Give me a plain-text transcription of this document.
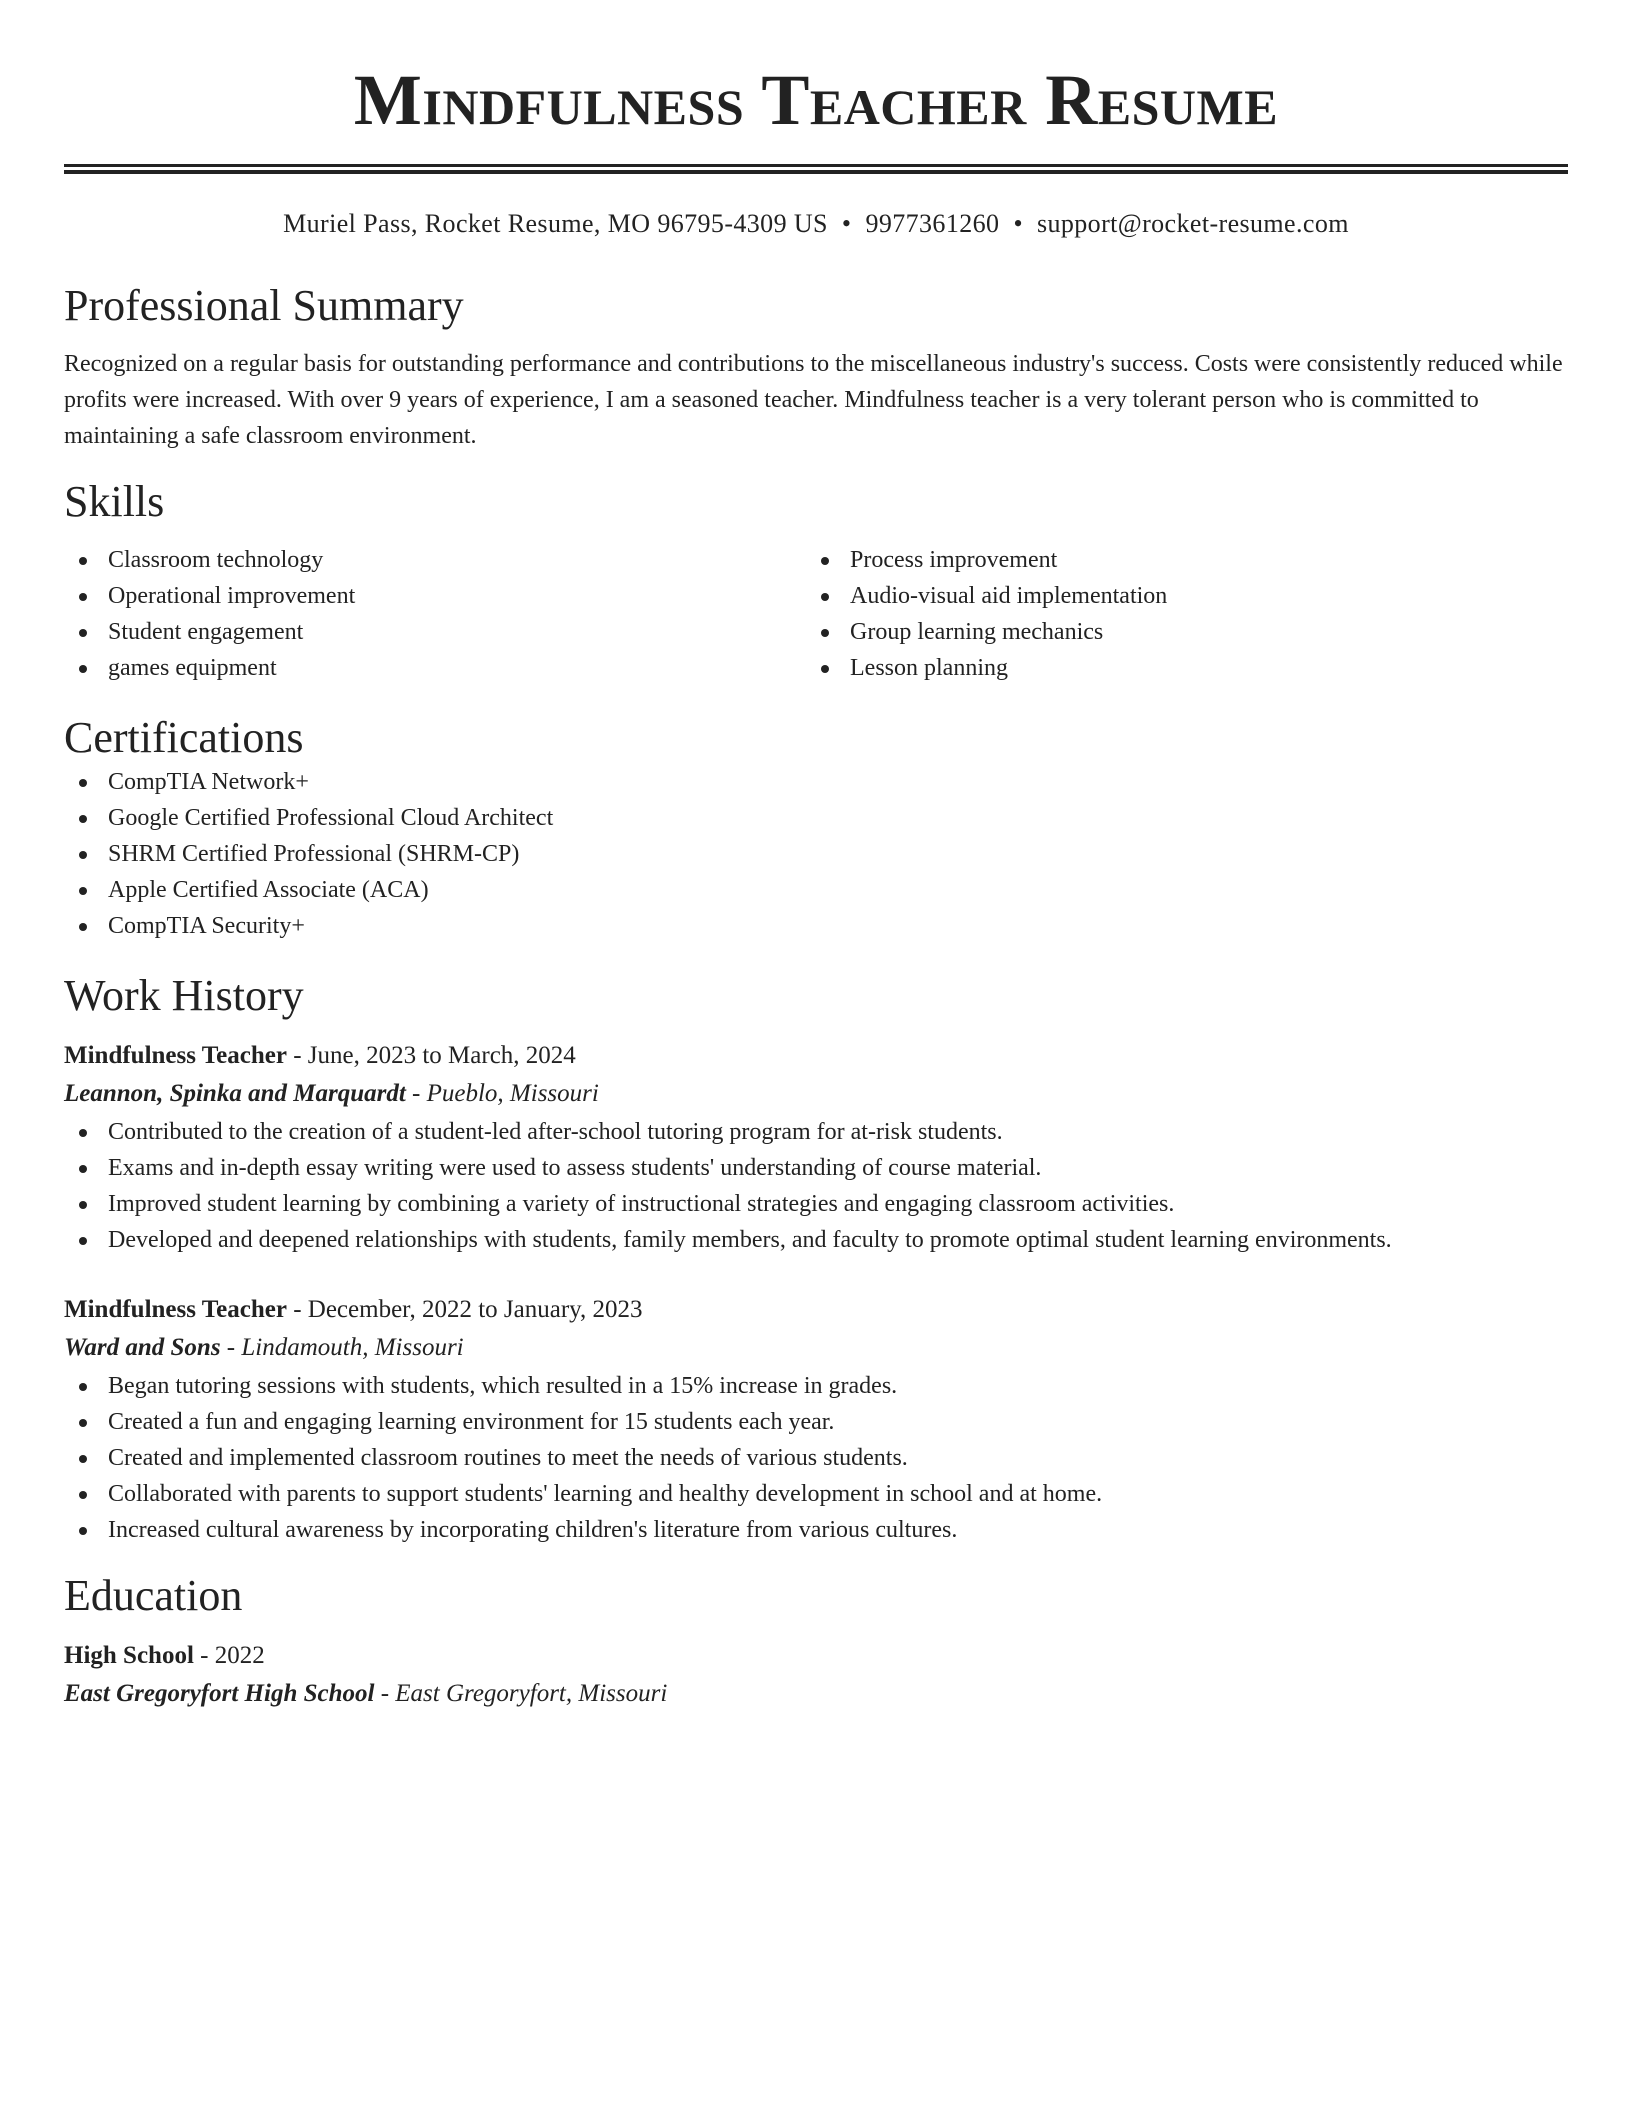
Mindfulness Teacher Resume
Muriel Pass, Rocket Resume, MO 96795-4309 US • 9977361260 • support@rocket-resume.com
Professional Summary
Recognized on a regular basis for outstanding performance and contributions to the miscellaneous industry's success. Costs were consistently reduced while profits were increased. With over 9 years of experience, I am a seasoned teacher. Mindfulness teacher is a very tolerant person who is committed to maintaining a safe classroom environment.
Skills
Classroom technology
Operational improvement
Student engagement
games equipment
Process improvement
Audio-visual aid implementation
Group learning mechanics
Lesson planning
Certifications
CompTIA Network+
Google Certified Professional Cloud Architect
SHRM Certified Professional (SHRM-CP)
Apple Certified Associate (ACA)
CompTIA Security+
Work History
Mindfulness Teacher - June, 2023 to March, 2024
Leannon, Spinka and Marquardt - Pueblo, Missouri
Contributed to the creation of a student-led after-school tutoring program for at-risk students.
Exams and in-depth essay writing were used to assess students' understanding of course material.
Improved student learning by combining a variety of instructional strategies and engaging classroom activities.
Developed and deepened relationships with students, family members, and faculty to promote optimal student learning environments.
Mindfulness Teacher - December, 2022 to January, 2023
Ward and Sons - Lindamouth, Missouri
Began tutoring sessions with students, which resulted in a 15% increase in grades.
Created a fun and engaging learning environment for 15 students each year.
Created and implemented classroom routines to meet the needs of various students.
Collaborated with parents to support students' learning and healthy development in school and at home.
Increased cultural awareness by incorporating children's literature from various cultures.
Education
High School - 2022
East Gregoryfort High School - East Gregoryfort, Missouri
